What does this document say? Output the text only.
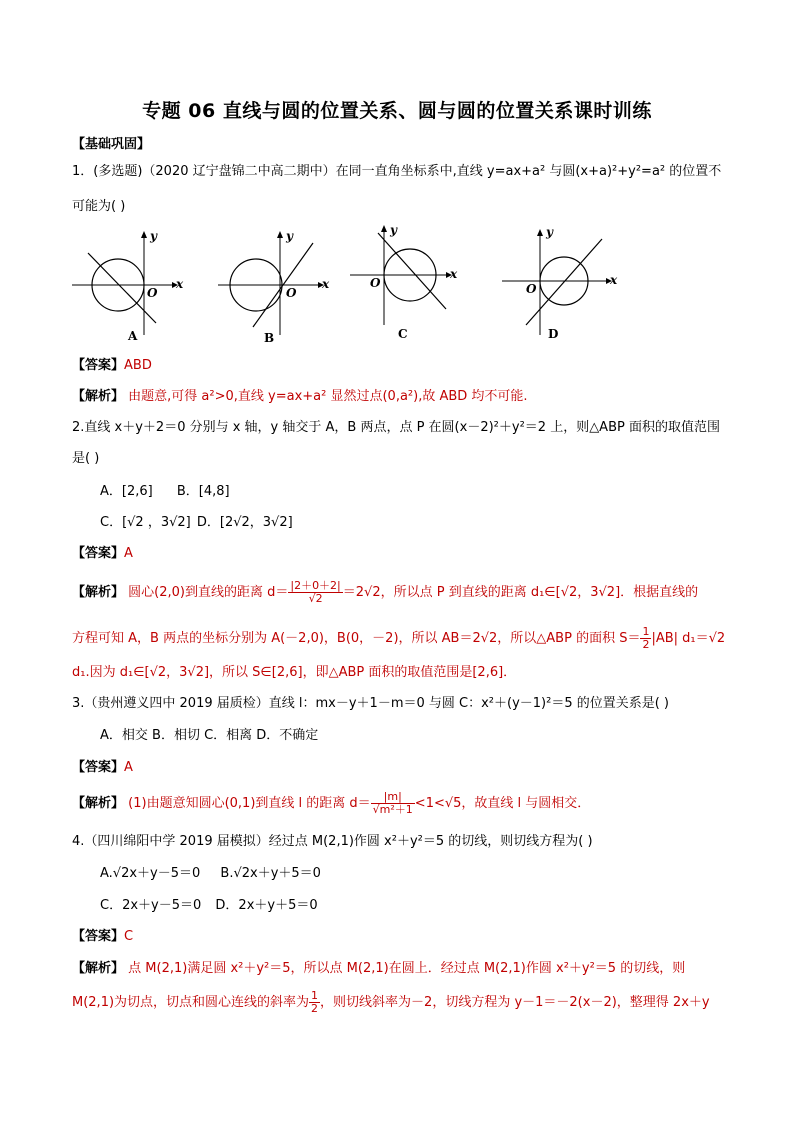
专题 06 直线与圆的位置关系、圆与圆的位置关系课时训练
【基础巩固】
1．(多选题)（2020 辽宁盘锦二中高二期中）在同一直角坐标系中,直线 y=ax+a² 与圆(x+a)²+y²=a² 的位置不
可能为( )
y
x
O
A
y
x
O
B
y
x
O
C
y
x
O
D
【答案】ABD
【解析】 由题意,可得 a²>0,直线 y=ax+a² 显然过点(0,a²),故 ABD 均不可能.
2.直线 x＋y＋2＝0 分别与 x 轴，y 轴交于 A，B 两点，点 P 在圆(x－2)²＋y²＝2 上，则△ABP 面积的取值范围
是( )
A．[2,6] B．[4,8]
C．[√2 ，3√2] D．[2√2，3√2]
【答案】A
【解析】 圆心(2,0)到直线的距离 $d= \frac{|2+0+2|}{√2} =2√2$，所以点 P 到直线的距离 d₁∈[√2，3√2]．根据直线的
方程可知 A，B 两点的坐标分别为 A(－2,0)，B(0，－2)，所以 AB＝2√2，所以△ABP 的面积 $S= \frac{1}{2} |AB|$ d₁＝√2
d₁.因为 d₁∈[√2，3√2]，所以 S∈[2,6]，即△ABP 面积的取值范围是[2,6]．
3.（贵州遵义四中 2019 届质检）直线 l：mx－y＋1－m＝0 与圆 C：x²＋(y－1)²＝5 的位置关系是( )
A．相交 B．相切 C．相离 D．不确定
【答案】A
【解析】 (1)由题意知圆心(0,1)到直线 l 的距离 $d= \frac{|m|}{\text{√m²＋1}} <1<√5$，故直线 l 与圆相交．
4.（四川绵阳中学 2019 届模拟）经过点 M(2,1)作圆 x²＋y²＝5 的切线，则切线方程为( )
A.√2x＋y－5＝0 B.√2x＋y＋5＝0
C．2x＋y－5＝0 D．2x＋y＋5＝0
【答案】C
【解析】 点 M(2,1)满足圆 x²＋y²＝5，所以点 M(2,1)在圆上．经过点 M(2,1)作圆 x²＋y²＝5 的切线，则
M(2,1)为切点，切点和圆心连线的斜率为 $\frac{1}{2}$ ，则切线斜率为－2，切线方程为 y－1＝－2(x－2)，整理得 2x＋y
